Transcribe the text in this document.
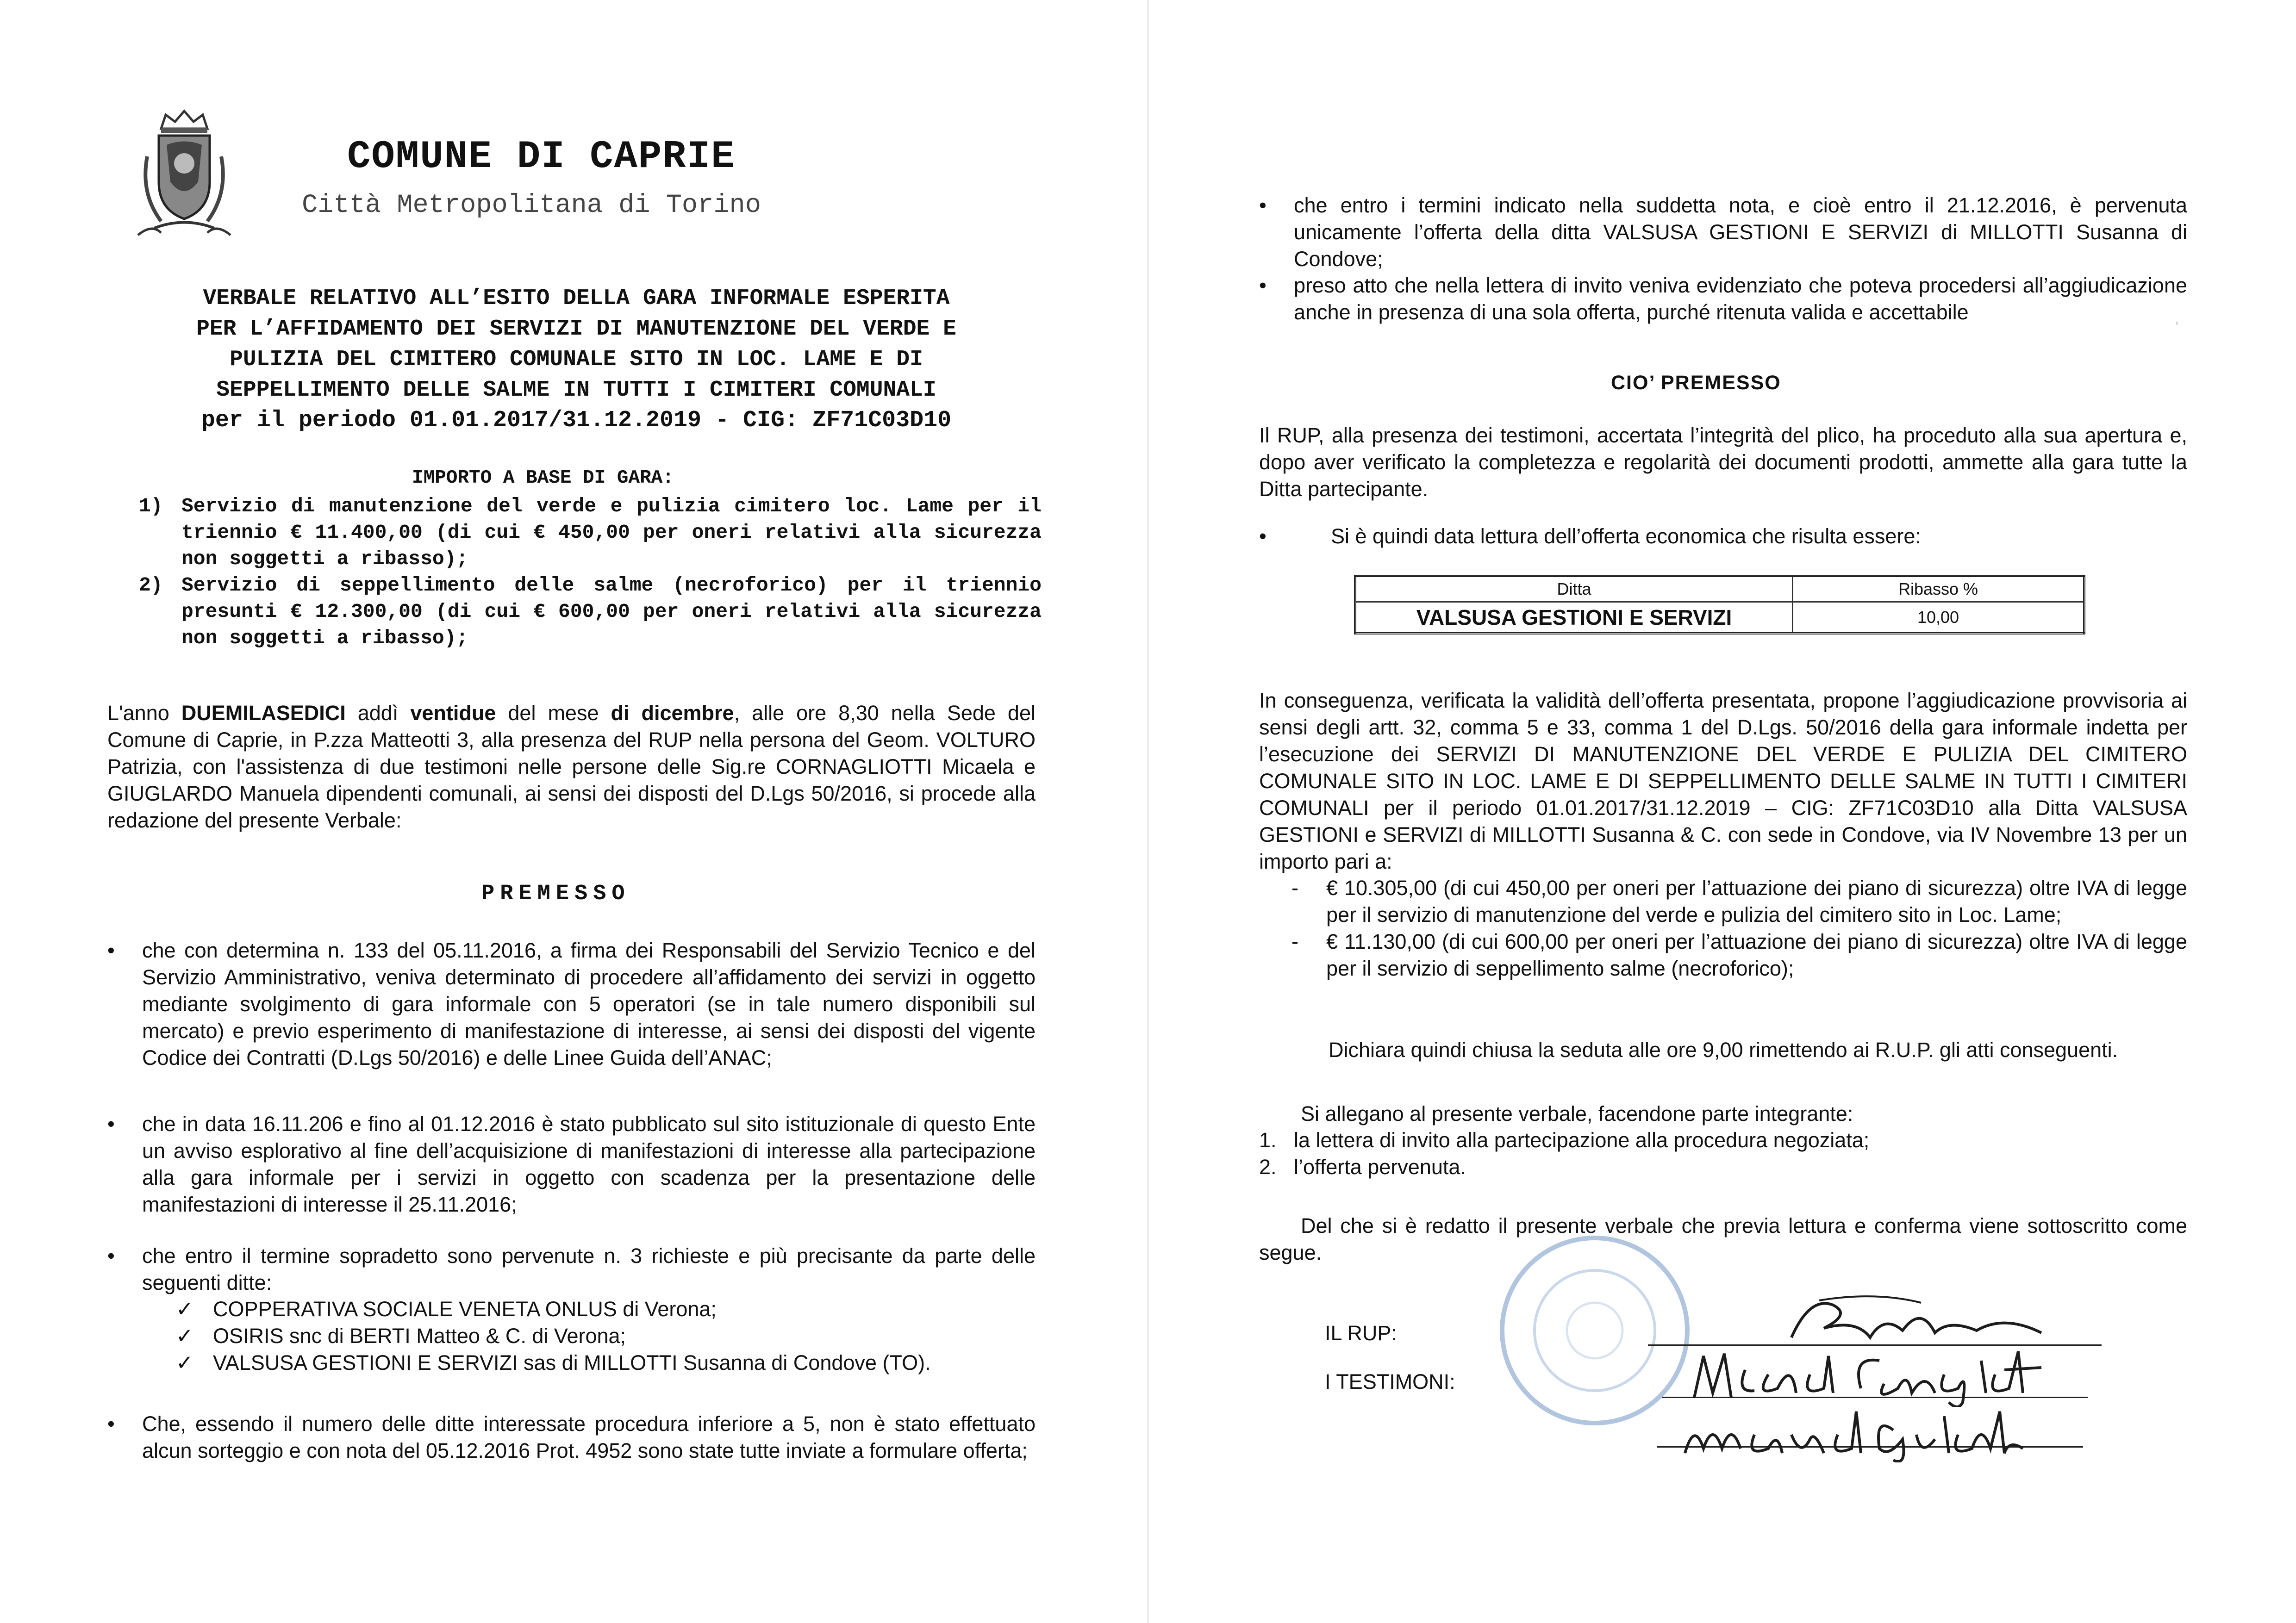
COMUNE DI CAPRIE
Città Metropolitana di Torino
VERBALE RELATIVO ALL’ESITO DELLA GARA INFORMALE ESPERITA
PER L’AFFIDAMENTO DEI SERVIZI DI MANUTENZIONE DEL VERDE E
PULIZIA DEL CIMITERO COMUNALE SITO IN LOC. LAME E DI
SEPPELLIMENTO DELLE SALME IN TUTTI I CIMITERI COMUNALI
per il periodo 01.01.2017/31.12.2019 - CIG: ZF71C03D10
IMPORTO A BASE DI GARA:
1) Servizio di manutenzione del verde e pulizia cimitero loc. Lame per il triennio € 11.400,00 (di cui € 450,00 per oneri relativi alla sicurezza non soggetti a ribasso);
2) Servizio di seppellimento delle salme (necroforico) per il triennio presunti € 12.300,00 (di cui € 600,00 per oneri relativi alla sicurezza non soggetti a ribasso);
L'anno DUEMILASEDICI addì ventidue del mese di dicembre, alle ore 8,30 nella Sede del Comune di Caprie, in P.zza Matteotti 3, alla presenza del RUP nella persona del Geom. VOLTURO Patrizia, con l'assistenza di due testimoni nelle persone delle Sig.re CORNAGLIOTTI Micaela e GIUGLARDO Manuela dipendenti comunali, ai sensi dei disposti del D.Lgs 50/2016, si procede alla redazione del presente Verbale:
PREMESSO
• che con determina n. 133 del 05.11.2016, a firma dei Responsabili del Servizio Tecnico e del Servizio Amministrativo, veniva determinato di procedere all’affidamento dei servizi in oggetto mediante svolgimento di gara informale con 5 operatori (se in tale numero disponibili sul mercato) e previo esperimento di manifestazione di interesse, ai sensi dei disposti del vigente Codice dei Contratti (D.Lgs 50/2016) e delle Linee Guida dell’ANAC;
• che in data 16.11.206 e fino al 01.12.2016 è stato pubblicato sul sito istituzionale di questo Ente un avviso esplorativo al fine dell’acquisizione di manifestazioni di interesse alla partecipazione alla gara informale per i servizi in oggetto con scadenza per la presentazione delle manifestazioni di interesse il 25.11.2016;
• che entro il termine sopradetto sono pervenute n. 3 richieste e più precisante da parte delle seguenti ditte:
✓ COPPERATIVA SOCIALE VENETA ONLUS di Verona;
✓ OSIRIS snc di BERTI Matteo & C. di Verona;
✓ VALSUSA GESTIONI E SERVIZI sas di MILLOTTI Susanna di Condove (TO).
• Che, essendo il numero delle ditte interessate procedura inferiore a 5, non è stato effettuato alcun sorteggio e con nota del 05.12.2016 Prot. 4952 sono state tutte inviate a formulare offerta;
• che entro i termini indicato nella suddetta nota, e cioè entro il 21.12.2016, è pervenuta unicamente l’offerta della ditta VALSUSA GESTIONI E SERVIZI di MILLOTTI Susanna di Condove;
• preso atto che nella lettera di invito veniva evidenziato che poteva procedersi all’aggiudicazione anche in presenza di una sola offerta, purché ritenuta valida e accettabile
CIO’ PREMESSO
Il RUP, alla presenza dei testimoni, accertata l’integrità del plico, ha proceduto alla sua apertura e, dopo aver verificato la completezza e regolarità dei documenti prodotti, ammette alla gara tutte la Ditta partecipante.
•	Si è quindi data lettura dell’offerta economica che risulta essere:
Ditta	Ribasso %
VALSUSA GESTIONI E SERVIZI	10,00
In conseguenza, verificata la validità dell’offerta presentata, propone l’aggiudicazione provvisoria ai sensi degli artt. 32, comma 5 e 33, comma 1 del D.Lgs. 50/2016 della gara informale indetta per l’esecuzione dei SERVIZI DI MANUTENZIONE DEL VERDE E PULIZIA DEL CIMITERO COMUNALE SITO IN LOC. LAME E DI SEPPELLIMENTO DELLE SALME IN TUTTI I CIMITERI COMUNALI per il periodo 01.01.2017/31.12.2019 – CIG: ZF71C03D10 alla Ditta VALSUSA GESTIONI e SERVIZI di MILLOTTI Susanna & C. con sede in Condove, via IV Novembre 13 per un importo pari a:
- € 10.305,00 (di cui 450,00 per oneri per l’attuazione dei piano di sicurezza) oltre IVA di legge per il servizio di manutenzione del verde e pulizia del cimitero sito in Loc. Lame;
- € 11.130,00 (di cui 600,00 per oneri per l’attuazione dei piano di sicurezza) oltre IVA di legge per il servizio di seppellimento salme (necroforico);
Dichiara quindi chiusa la seduta alle ore 9,00 rimettendo ai R.U.P. gli atti conseguenti.
Si allegano al presente verbale, facendone parte integrante:
1. la lettera di invito alla partecipazione alla procedura negoziata;
2. l’offerta pervenuta.
Del che si è redatto il presente verbale che previa lettura e conferma viene sottoscritto come segue.
IL RUP:
I TESTIMONI:
'
